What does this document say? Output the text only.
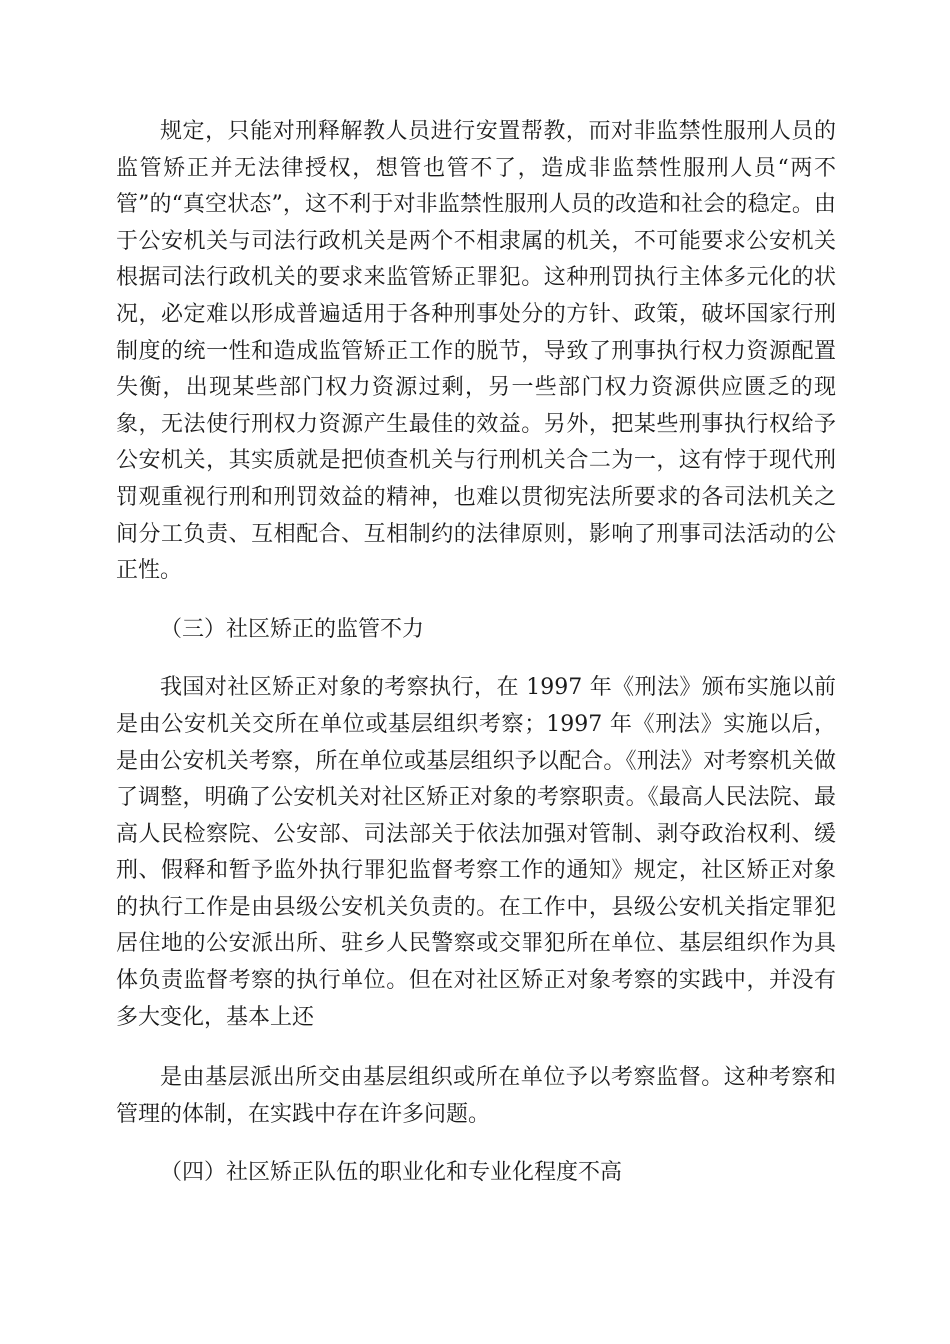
规定，只能对刑释解教人员进行安置帮教，而对非监禁性服刑人员的监管矫正并无法律授权，想管也管不了，造成非监禁性服刑人员“两不管”的“真空状态”，这不利于对非监禁性服刑人员的改造和社会的稳定。由于公安机关与司法行政机关是两个不相隶属的机关，不可能要求公安机关根据司法行政机关的要求来监管矫正罪犯。这种刑罚执行主体多元化的状况，必定难以形成普遍适用于各种刑事处分的方针、政策，破坏国家行刑制度的统一性和造成监管矫正工作的脱节，导致了刑事执行权力资源配置失衡，出现某些部门权力资源过剩，另一些部门权力资源供应匮乏的现象，无法使行刑权力资源产生最佳的效益。另外，把某些刑事执行权给予公安机关，其实质就是把侦查机关与行刑机关合二为一，这有悖于现代刑罚观重视行刑和刑罚效益的精神，也难以贯彻宪法所要求的各司法机关之间分工负责、互相配合、互相制约的法律原则，影响了刑事司法活动的公正性。

（三）社区矫正的监管不力

我国对社区矫正对象的考察执行，在 1997 年《刑法》颁布实施以前是由公安机关交所在单位或基层组织考察；1997 年《刑法》实施以后，是由公安机关考察，所在单位或基层组织予以配合。《刑法》对考察机关做了调整，明确了公安机关对社区矫正对象的考察职责。《最高人民法院、最高人民检察院、公安部、司法部关于依法加强对管制、剥夺政治权利、缓刑、假释和暂予监外执行罪犯监督考察工作的通知》规定，社区矫正对象的执行工作是由县级公安机关负责的。在工作中，县级公安机关指定罪犯居住地的公安派出所、驻乡人民警察或交罪犯所在单位、基层组织作为具体负责监督考察的执行单位。但在对社区矫正对象考察的实践中，并没有多大变化，基本上还

是由基层派出所交由基层组织或所在单位予以考察监督。这种考察和管理的体制，在实践中存在许多问题。

（四）社区矫正队伍的职业化和专业化程度不高
